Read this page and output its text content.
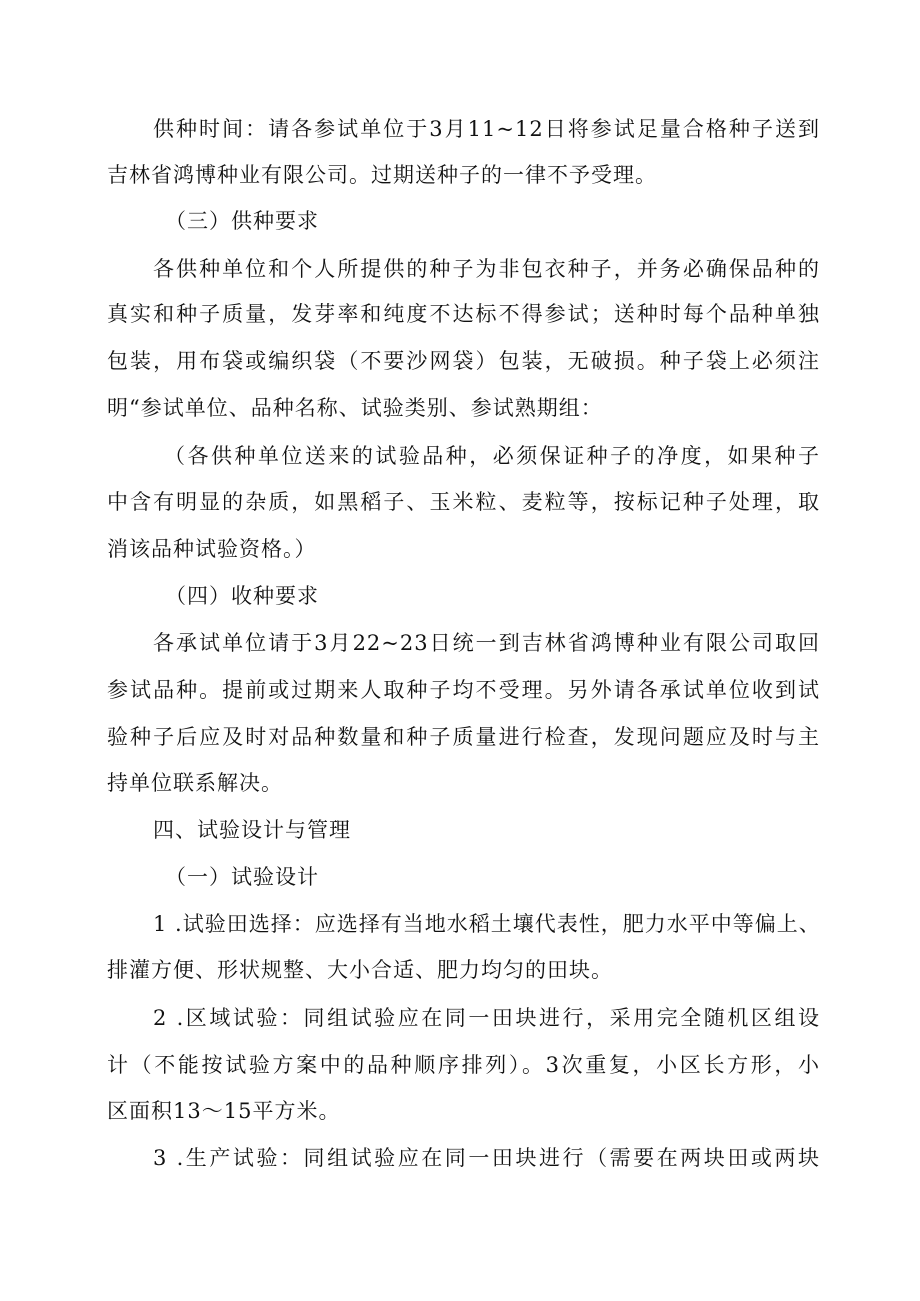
供种时间：请各参试单位于3月11~12日将参试足量合格种子送到
吉林省鸿博种业有限公司。过期送种子的一律不予受理。
（三）供种要求
各供种单位和个人所提供的种子为非包衣种子，并务必确保品种的
真实和种子质量，发芽率和纯度不达标不得参试；送种时每个品种单独
包装，用布袋或编织袋（不要沙网袋）包装，无破损。种子袋上必须注
明“参试单位、品种名称、试验类别、参试熟期组：
（各供种单位送来的试验品种，必须保证种子的净度，如果种子
中含有明显的杂质，如黑稻子、玉米粒、麦粒等，按标记种子处理，取
消该品种试验资格。）
（四）收种要求
各承试单位请于3月22~23日统一到吉林省鸿博种业有限公司取回
参试品种。提前或过期来人取种子均不受理。另外请各承试单位收到试
验种子后应及时对品种数量和种子质量进行检查，发现问题应及时与主
持单位联系解决。
四、试验设计与管理
（一）试验设计
1 .试验田选择：应选择有当地水稻土壤代表性，肥力水平中等偏上、
排灌方便、形状规整、大小合适、肥力均匀的田块。
2 .区域试验：同组试验应在同一田块进行，采用完全随机区组设
计（不能按试验方案中的品种顺序排列）。3次重复，小区长方形，小
区面积13～15平方米。
3 .生产试验：同组试验应在同一田块进行（需要在两块田或两块
